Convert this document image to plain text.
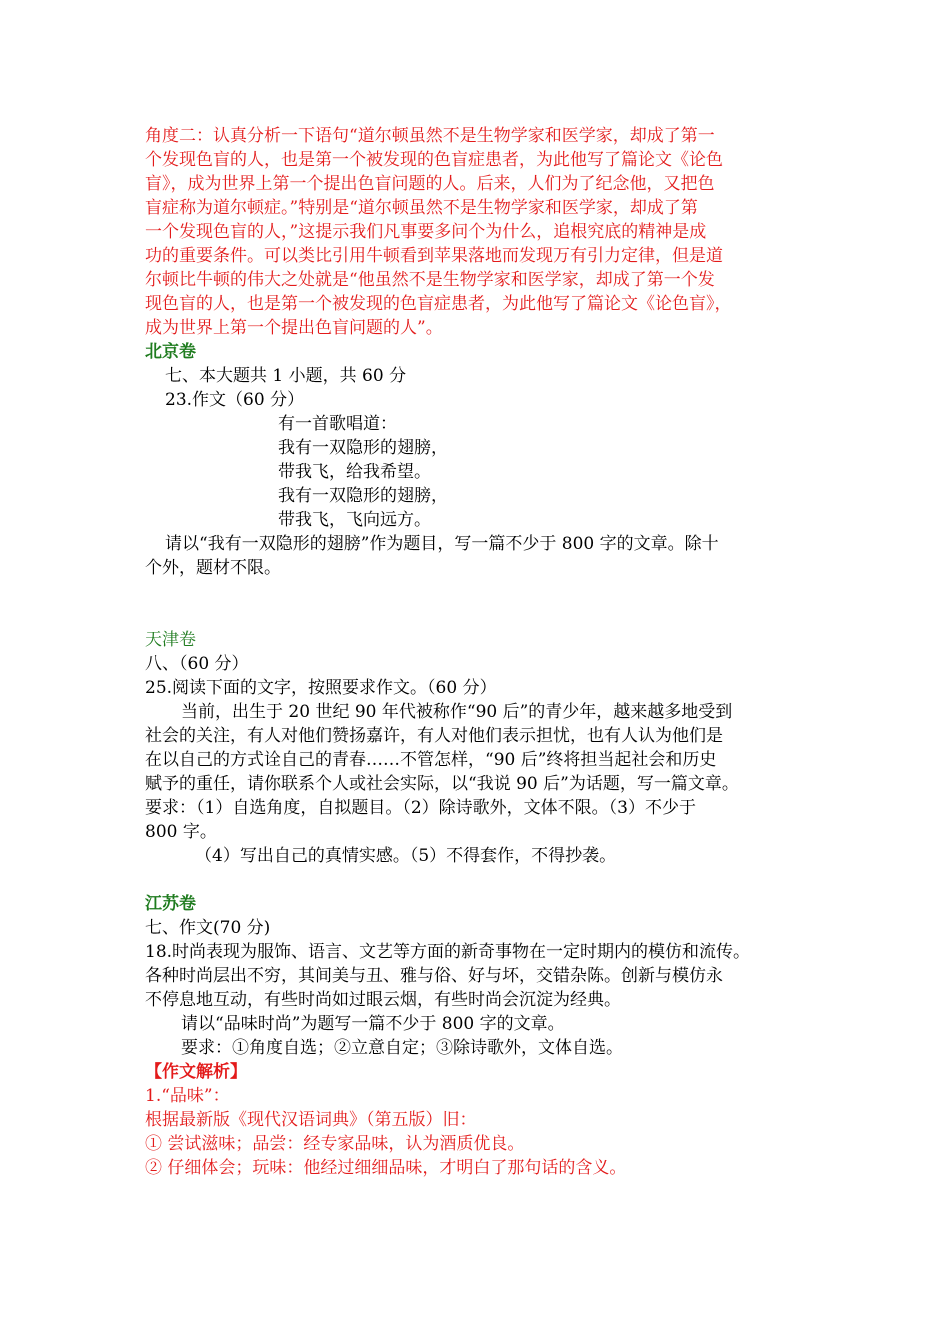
角度二：认真分析一下语句“道尔顿虽然不是生物学家和医学家，却成了第一

个发现色盲的人，也是第一个被发现的色盲症患者，为此他写了篇论文《论色

盲》，成为世界上第一个提出色盲问题的人。后来，人们为了纪念他，又把色

盲症称为道尔顿症。”特别是“道尔顿虽然不是生物学家和医学家，却成了第

一个发现色盲的人，”这提示我们凡事要多问个为什么，追根究底的精神是成

功的重要条件。可以类比引用牛顿看到苹果落地而发现万有引力定律，但是道

尔顿比牛顿的伟大之处就是“他虽然不是生物学家和医学家，却成了第一个发

现色盲的人，也是第一个被发现的色盲症患者，为此他写了篇论文《论色盲》，

成为世界上第一个提出色盲问题的人”。

北京卷

七、本大题共 1 小题，共 60 分

23.作文（60 分）

有一首歌唱道：

我有一双隐形的翅膀，

带我飞，给我希望。

我有一双隐形的翅膀，

带我飞，飞向远方。

请以“我有一双隐形的翅膀”作为题目，写一篇不少于 800 字的文章。除十

个外，题材不限。

天津卷

八、（60 分）

25.阅读下面的文字，按照要求作文。（60 分）

当前，出生于 20 世纪 90 年代被称作“90 后”的青少年，越来越多地受到

社会的关注，有人对他们赞扬嘉许，有人对他们表示担忧，也有人认为他们是

在以自己的方式诠自己的青春……不管怎样，“90 后”终将担当起社会和历史

赋予的重任，请你联系个人或社会实际，以“我说 90 后”为话题，写一篇文章。

要求：（1）自选角度，自拟题目。（2）除诗歌外，文体不限。（3）不少于

800 字。

（4）写出自己的真情实感。（5）不得套作，不得抄袭。

江苏卷

七、作文(70 分)

18.时尚表现为服饰、语言、文艺等方面的新奇事物在一定时期内的模仿和流传。

各种时尚层出不穷，其间美与丑、雅与俗、好与坏，交错杂陈。创新与模仿永

不停息地互动，有些时尚如过眼云烟，有些时尚会沉淀为经典。

请以“品味时尚”为题写一篇不少于 800 字的文章。

要求：①角度自选；②立意自定；③除诗歌外，文体自选。

【作文解析】

1.“品味”：

根据最新版《现代汉语词典》（第五版）旧：

① 尝试滋味；品尝：经专家品味，认为酒质优良。

② 仔细体会；玩味：他经过细细品味，才明白了那句话的含义。
